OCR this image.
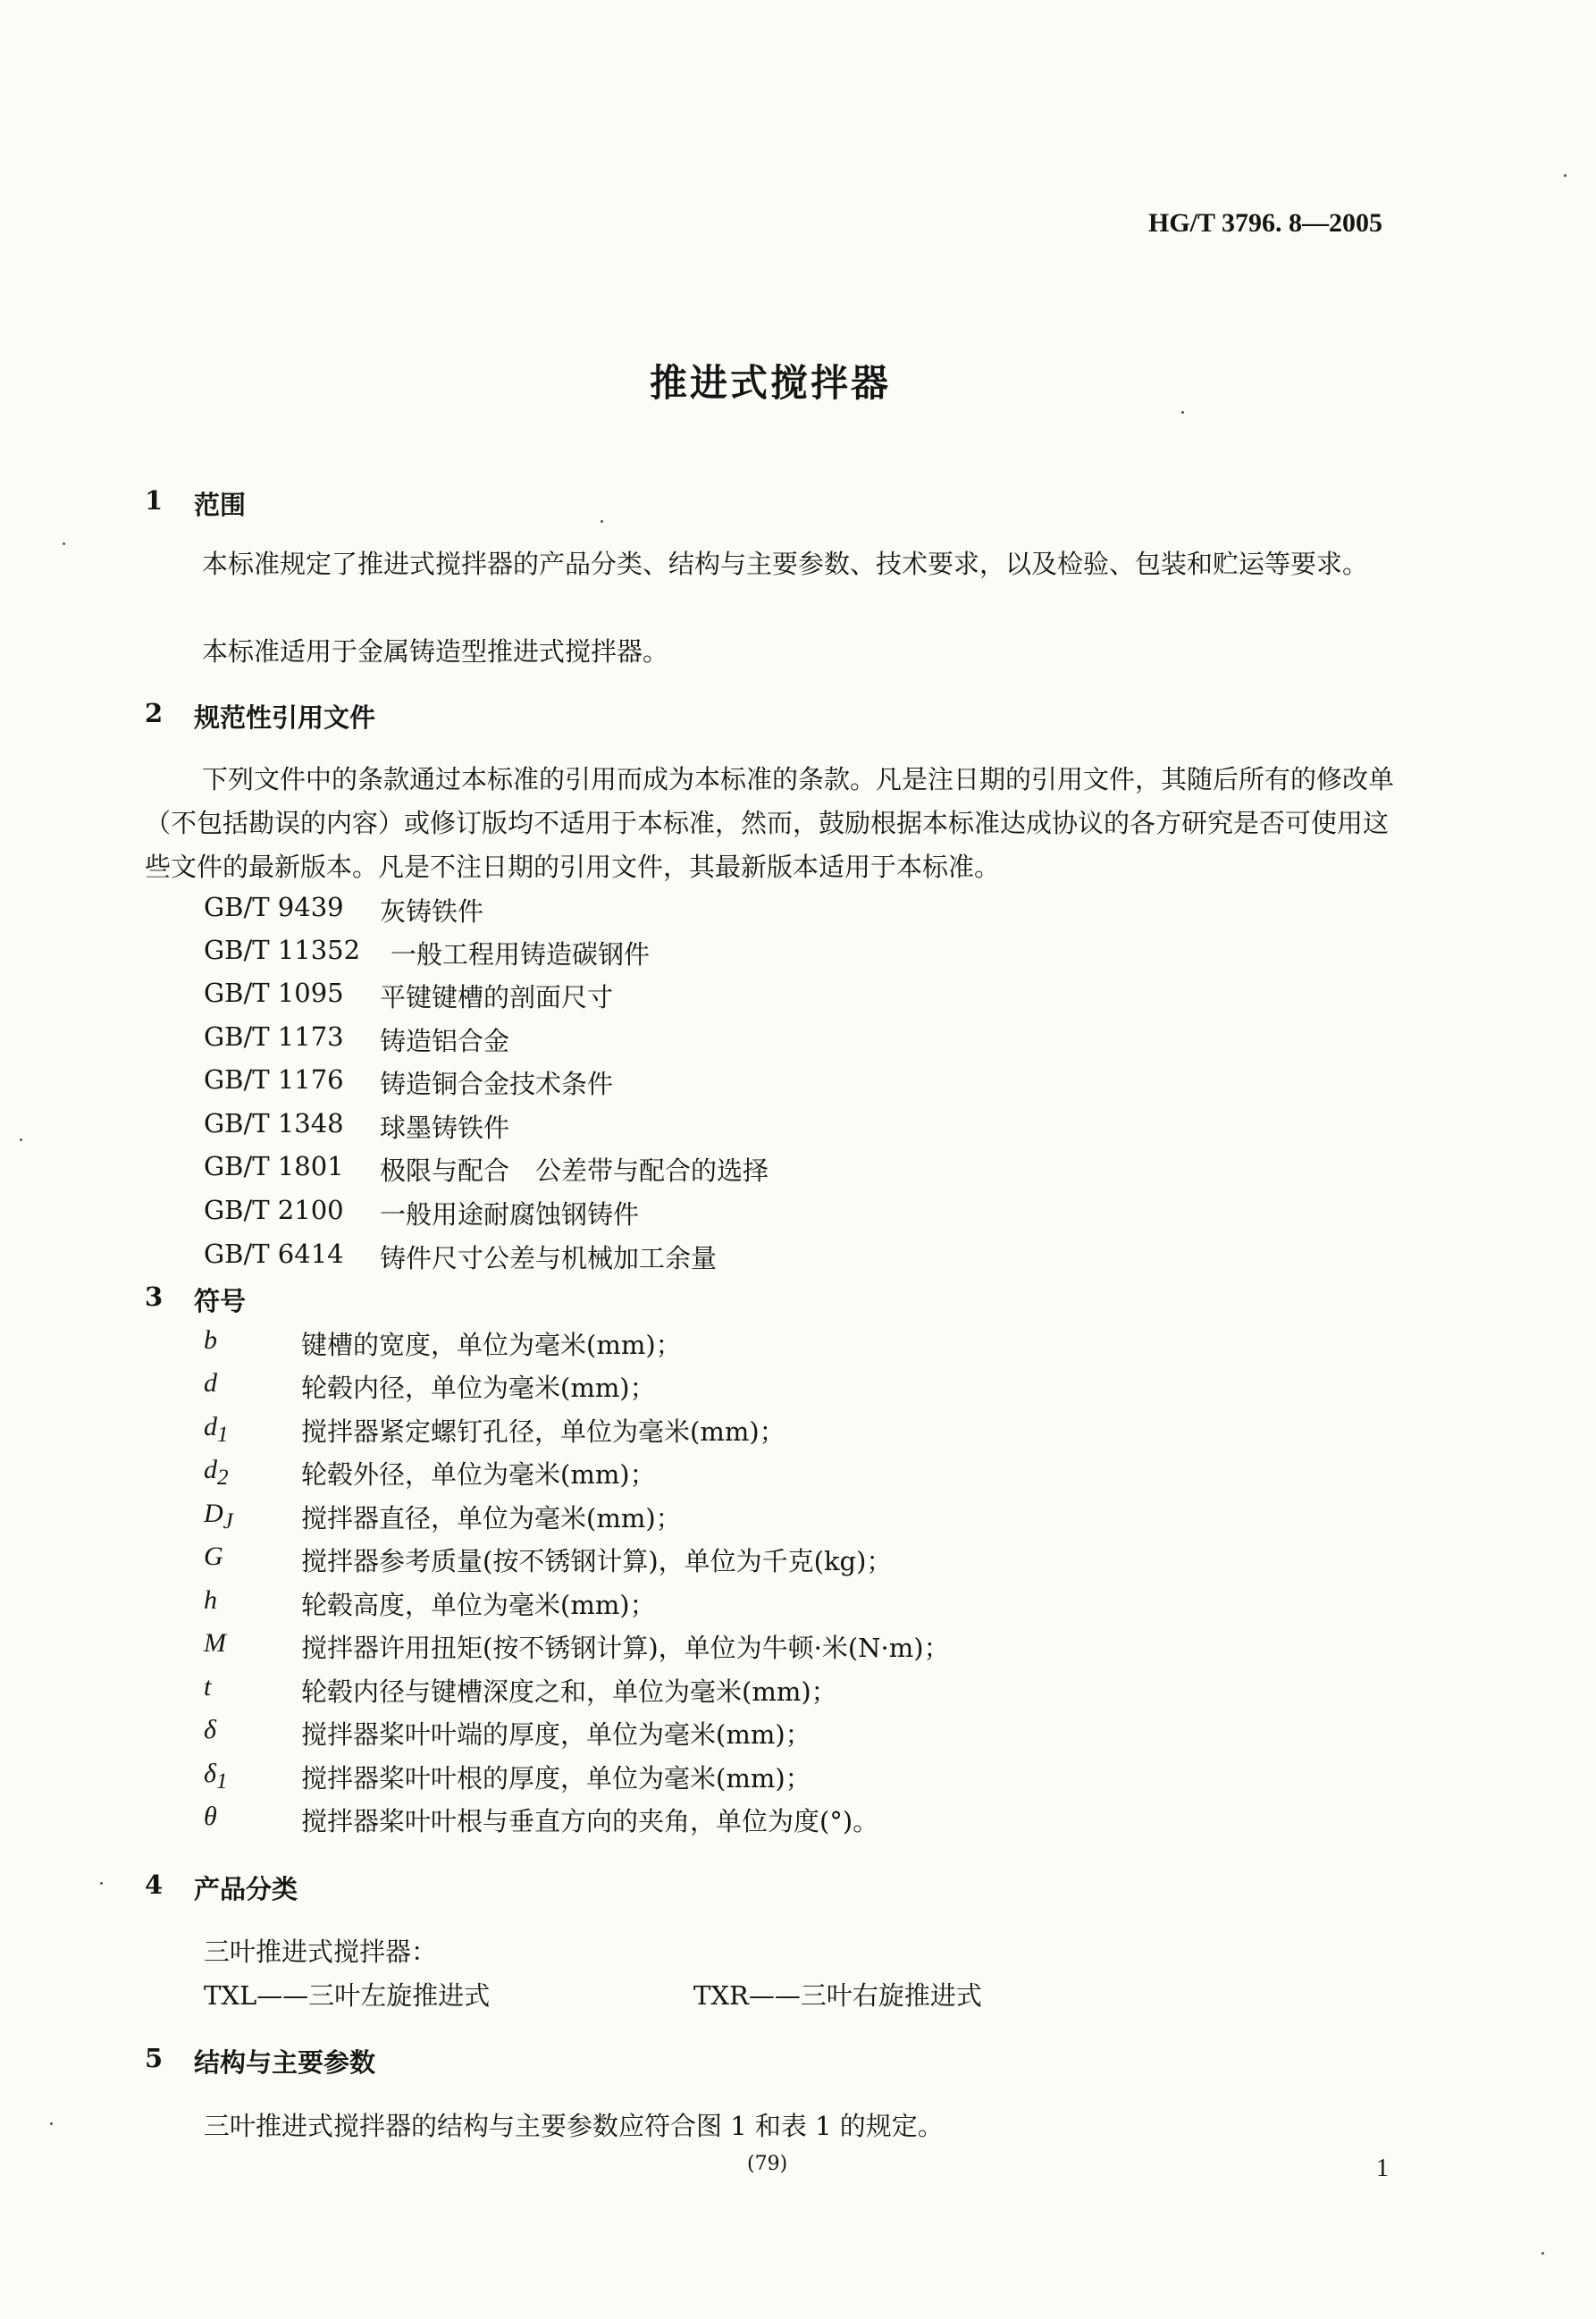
HG/T 3796. 8—2005
推进式搅拌器
1 范围
本标准规定了推进式搅拌器的产品分类、结构与主要参数、技术要求，以及检验、包装和贮运等要求。
本标准适用于金属铸造型推进式搅拌器。
2 规范性引用文件
下列文件中的条款通过本标准的引用而成为本标准的条款。凡是注日期的引用文件，其随后所有的修改单（不包括勘误的内容）或修订版均不适用于本标准，然而，鼓励根据本标准达成协议的各方研究是否可使用这些文件的最新版本。凡是不注日期的引用文件，其最新版本适用于本标准。
GB/T 9439 灰铸铁件
GB/T 11352 一般工程用铸造碳钢件
GB/T 1095 平键键槽的剖面尺寸
GB/T 1173 铸造铝合金
GB/T 1176 铸造铜合金技术条件
GB/T 1348 球墨铸铁件
GB/T 1801 极限与配合　公差带与配合的选择
GB/T 2100 一般用途耐腐蚀钢铸件
GB/T 6414 铸件尺寸公差与机械加工余量
3 符号
b	键槽的宽度，单位为毫米(mm)；
d	轮毂内径，单位为毫米(mm)；
$d_1$	搅拌器紧定螺钉孔径，单位为毫米(mm)；
$d_2$	轮毂外径，单位为毫米(mm)；
$D_J$	搅拌器直径，单位为毫米(mm)；
G	搅拌器参考质量(按不锈钢计算)，单位为千克(kg)；
h	轮毂高度，单位为毫米(mm)；
M	搅拌器许用扭矩(按不锈钢计算)，单位为牛顿·米(N·m)；
t	轮毂内径与键槽深度之和，单位为毫米(mm)；
δ	搅拌器桨叶叶端的厚度，单位为毫米(mm)；
$\delta_1$	搅拌器桨叶叶根的厚度，单位为毫米(mm)；
θ	搅拌器桨叶叶根与垂直方向的夹角，单位为度(°)。
4 产品分类
三叶推进式搅拌器：
TXL——三叶左旋推进式	TXR——三叶右旋推进式
5 结构与主要参数
三叶推进式搅拌器的结构与主要参数应符合图 1 和表 1 的规定。
(79)	1
